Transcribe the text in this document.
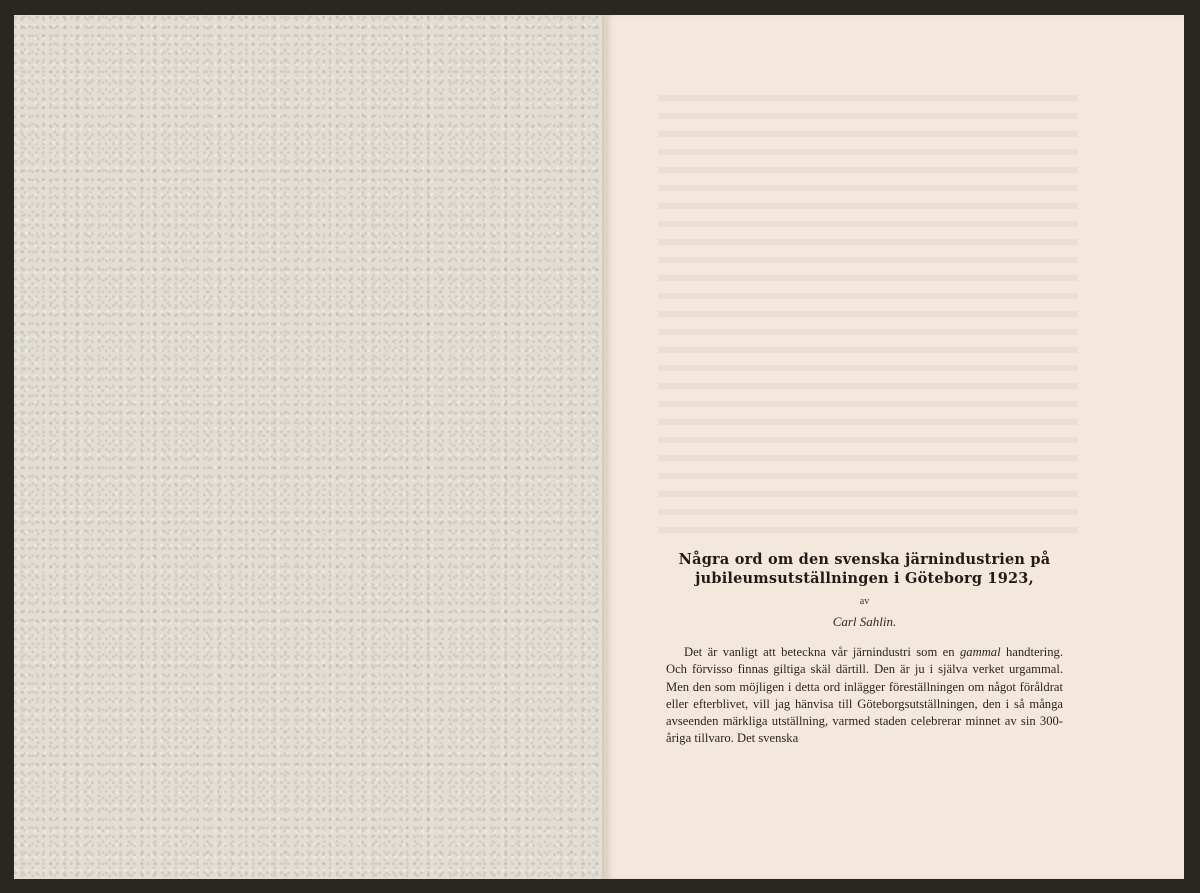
Några ord om den svenska järnindustrien på jubileumsutställningen i Göteborg 1923,
av
Carl Sahlin.

Det är vanligt att beteckna vår järnindustri som en gammal handtering. Och förvisso finnas giltiga skäl därtill. Den är ju i själva verket urgammal. Men den som möjligen i detta ord inlägger föreställningen om något föråldrat eller efterblivet, vill jag hänvisa till Göteborgsutställningen, den i så många avseenden märkliga utställning, varmed staden celebrerar minnet av sin 300-åriga tillvaro. Det svenska
